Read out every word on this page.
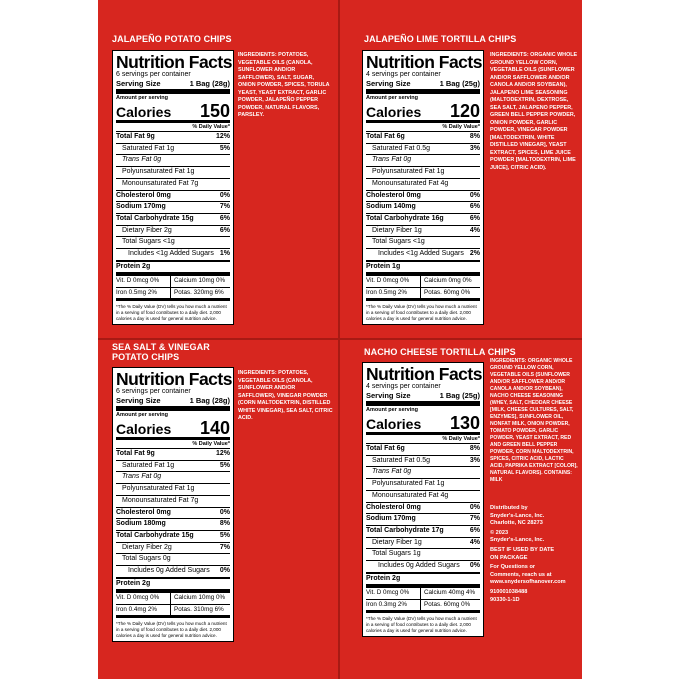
JALAPEÑO POTATO CHIPS
Nutrition Facts
6 servings per container
Serving Size	1 Bag (28g)
Amount per serving
Calories 150
% Daily Value*
Total Fat 9g	12%
Saturated Fat 1g	5%
Trans Fat 0g
Polyunsaturated Fat 1g
Monounsaturated Fat 7g
Cholesterol 0mg	0%
Sodium 170mg	7%
Total Carbohydrate 15g	6%
Dietary Fiber 2g	6%
Total Sugars <1g
Includes <1g Added Sugars 1%
Protein 2g
Vit. D 0mcg 0%	Calcium 10mg 0%
Iron 0.5mg 2%	Potas. 320mg 6%
*The % Daily Value (DV) tells you how much a nutrient in a serving of food contributes to a daily diet. 2,000 calories a day is used for general nutrition advice.
INGREDIENTS: POTATOES, VEGETABLE OILS (CANOLA, SUNFLOWER AND/OR SAFFLOWER), SALT, SUGAR, ONION POWDER, SPICES, TORULA YEAST, YEAST EXTRACT, GARLIC POWDER, JALAPEÑO PEPPER POWDER, NATURAL FLAVORS, PARSLEY.
JALAPEÑO LIME TORTILLA CHIPS
Nutrition Facts
4 servings per container
Serving Size	1 Bag (25g)
Amount per serving
Calories 120
% Daily Value*
Total Fat 6g	8%
Saturated Fat 0.5g	3%
Trans Fat 0g
Polyunsaturated Fat 1g
Monounsaturated Fat 4g
Cholesterol 0mg	0%
Sodium 140mg	6%
Total Carbohydrate 16g	6%
Dietary Fiber 1g	4%
Total Sugars <1g
Includes <1g Added Sugars 2%
Protein 1g
Vit. D 0mcg 0%	Calcium 0mg 0%
Iron 0.5mg 2%	Potas. 60mg 0%
*The % Daily Value (DV) tells you how much a nutrient in a serving of food contributes to a daily diet. 2,000 calories a day is used for general nutrition advice.
INGREDIENTS: ORGANIC WHOLE GROUND YELLOW CORN, VEGETABLE OILS (SUNFLOWER AND/OR SAFFLOWER AND/OR CANOLA AND/OR SOYBEAN), JALAPENO LIME SEASONING (MALTODEXTRIN, DEXTROSE, SEA SALT, JALAPENO PEPPER, GREEN BELL PEPPER POWDER, ONION POWDER, GARLIC POWDER, VINEGAR POWDER [MALTODEXTRIN, WHITE DISTILLED VINEGAR], YEAST EXTRACT, SPICES, LIME JUICE POWDER [MALTODEXTRIN, LIME JUICE], CITRIC ACID).
SEA SALT & VINEGAR POTATO CHIPS
Nutrition Facts
6 servings per container
Serving Size	1 Bag (28g)
Amount per serving
Calories 140
% Daily Value*
Total Fat 9g	12%
Saturated Fat 1g	5%
Trans Fat 0g
Polyunsaturated Fat 1g
Monounsaturated Fat 7g
Cholesterol 0mg	0%
Sodium 180mg	8%
Total Carbohydrate 15g	5%
Dietary Fiber 2g	7%
Total Sugars 0g
Includes 0g Added Sugars 0%
Protein 2g
Vit. D 0mcg 0%	Calcium 10mg 0%
Iron 0.4mg 2%	Potas. 310mg 6%
*The % Daily Value (DV) tells you how much a nutrient in a serving of food contributes to a daily diet. 2,000 calories a day is used for general nutrition advice.
INGREDIENTS: POTATOES, VEGETABLE OILS (CANOLA, SUNFLOWER AND/OR SAFFLOWER), VINEGAR POWDER (CORN MALTODEXTRIN, DISTILLED WHITE VINEGAR), SEA SALT, CITRIC ACID.
NACHO CHEESE TORTILLA CHIPS
Nutrition Facts
4 servings per container
Serving Size	1 Bag (25g)
Amount per serving
Calories 130
% Daily Value*
Total Fat 6g	8%
Saturated Fat 0.5g	3%
Trans Fat 0g
Polyunsaturated Fat 1g
Monounsaturated Fat 4g
Cholesterol 0mg	0%
Sodium 170mg	7%
Total Carbohydrate 17g	6%
Dietary Fiber 1g	4%
Total Sugars 1g
Includes 0g Added Sugars 0%
Protein 2g
Vit. D 0mcg 0%	Calcium 40mg 4%
Iron 0.3mg 2%	Potas. 60mg 0%
*The % Daily Value (DV) tells you how much a nutrient in a serving of food contributes to a daily diet. 2,000 calories a day is used for general nutrition advice.
INGREDIENTS: ORGANIC WHOLE GROUND YELLOW CORN, VEGETABLE OILS (SUNFLOWER AND/OR SAFFLOWER AND/OR CANOLA AND/OR SOYBEAN), NACHO CHEESE SEASONING (WHEY, SALT, CHEDDAR CHEESE [MILK, CHEESE CULTURES, SALT, ENZYMES], SUNFLOWER OIL, NONFAT MILK, ONION POWDER, TOMATO POWDER, GARLIC POWDER, YEAST EXTRACT, RED AND GREEN BELL PEPPER POWDER, CORN MALTODEXTRIN, SPICES, CITRIC ACID, LACTIC ACID, PAPRIKA EXTRACT [COLOR], NATURAL FLAVORS). CONTAINS: MILK
Distributed by
Snyder's-Lance, Inc.
Charlotte, NC 28273
© 2023
Snyder's-Lance, Inc.
BEST IF USED BY DATE
ON PACKAGE
For Questions or
Comments, reach us at
www.snydersofhanover.com
910001038488
90330-1-1D
